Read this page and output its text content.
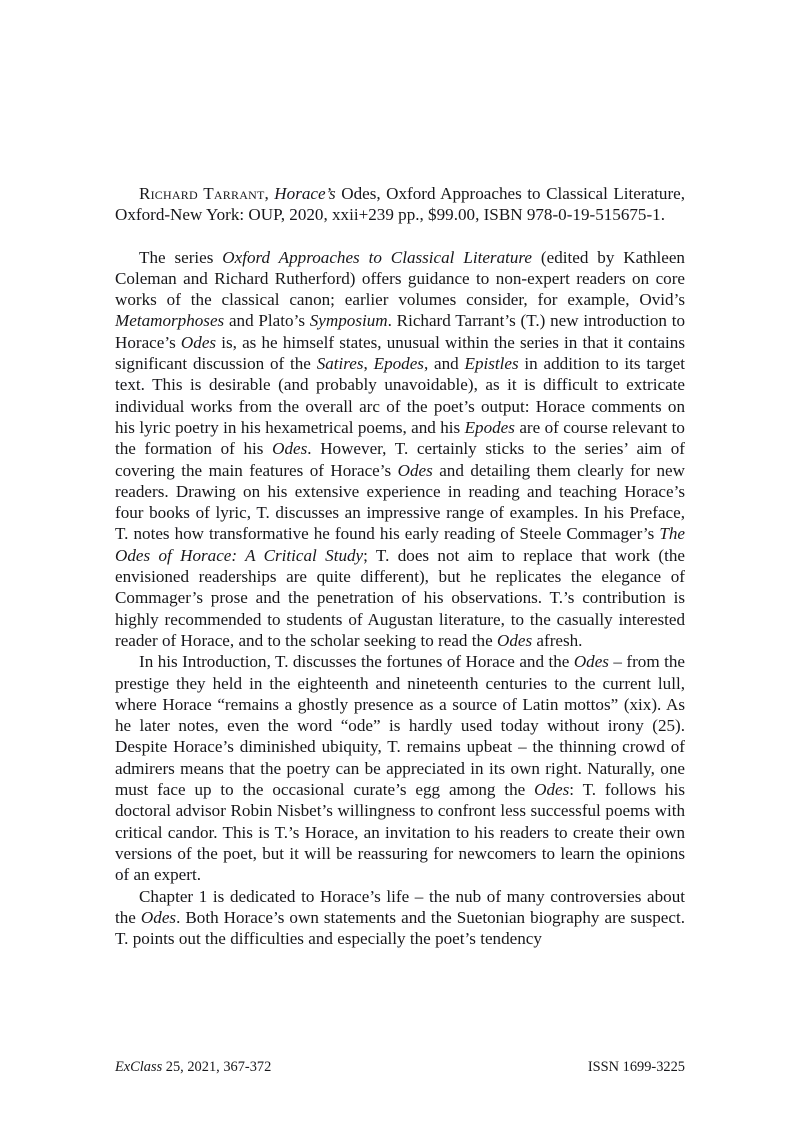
Richard Tarrant, Horace’s Odes, Oxford Approaches to Classical Literature, Oxford-New York: OUP, 2020, xxii+239 pp., $99.00, ISBN 978-0-19-515675-1.

The series Oxford Approaches to Classical Literature (edited by Kathleen Coleman and Richard Rutherford) offers guidance to non-expert readers on core works of the classical canon; earlier volumes consider, for example, Ovid’s Metamorphoses and Plato’s Symposium. Richard Tarrant’s (T.) new introduction to Horace’s Odes is, as he himself states, unusual within the series in that it contains significant discussion of the Satires, Epodes, and Epistles in addition to its target text. This is desirable (and probably unavoidable), as it is difficult to extricate individual works from the overall arc of the poet’s output: Horace comments on his lyric poetry in his hexametrical poems, and his Epodes are of course relevant to the formation of his Odes. However, T. certainly sticks to the series’ aim of covering the main features of Horace’s Odes and detailing them clearly for new readers. Drawing on his extensive experience in reading and teaching Horace’s four books of lyric, T. discusses an impressive range of examples. In his Preface, T. notes how transformative he found his early reading of Steele Commager’s The Odes of Horace: A Critical Study; T. does not aim to replace that work (the envisioned readerships are quite different), but he replicates the elegance of Commager’s prose and the penetration of his observations. T.’s contribution is highly recommended to students of Augustan literature, to the casually interested reader of Horace, and to the scholar seeking to read the Odes afresh.

In his Introduction, T. discusses the fortunes of Horace and the Odes – from the prestige they held in the eighteenth and nineteenth centuries to the current lull, where Horace “remains a ghostly presence as a source of Latin mottos” (xix). As he later notes, even the word “ode” is hardly used today without irony (25). Despite Horace’s diminished ubiquity, T. remains upbeat – the thinning crowd of admirers means that the poetry can be appreciated in its own right. Naturally, one must face up to the occasional curate’s egg among the Odes: T. follows his doctoral advisor Robin Nisbet’s willingness to confront less successful poems with critical candor. This is T.’s Horace, an invitation to his readers to create their own versions of the poet, but it will be reassuring for newcomers to learn the opinions of an expert.

Chapter 1 is dedicated to Horace’s life – the nub of many controversies about the Odes. Both Horace’s own statements and the Suetonian biography are suspect. T. points out the difficulties and especially the poet’s tendency

ExClass 25, 2021, 367-372	ISSN 1699-3225
